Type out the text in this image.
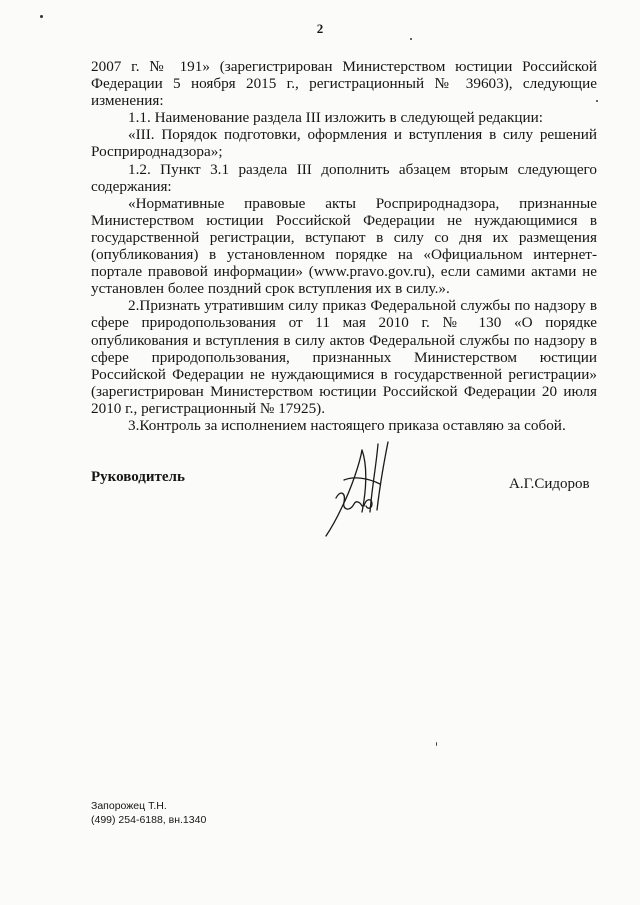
2

2007 г. № 191» (зарегистрирован Министерством юстиции Российской Федерации 5 ноября 2015 г., регистрационный № 39603), следующие изменения:

1.1. Наименование раздела III изложить в следующей редакции:

«III. Порядок подготовки, оформления и вступления в силу решений Росприроднадзора»;

1.2. Пункт 3.1 раздела III дополнить абзацем вторым следующего содержания:

«Нормативные правовые акты Росприроднадзора, признанные Министерством юстиции Российской Федерации не нуждающимися в государственной регистрации, вступают в силу со дня их размещения (опубликования) в установленном порядке на «Официальном интернет-портале правовой информации» (www.pravo.gov.ru), если самими актами не установлен более поздний срок вступления их в силу.».

2.Признать утратившим силу приказ Федеральной службы по надзору в сфере природопользования от 11 мая 2010 г. № 130 «О порядке опубликования и вступления в силу актов Федеральной службы по надзору в сфере природопользования, признанных Министерством юстиции Российской Федерации не нуждающимися в государственной регистрации» (зарегистрирован Министерством юстиции Российской Федерации 20 июля 2010 г., регистрационный № 17925).

3.Контроль за исполнением настоящего приказа оставляю за собой.

Руководитель	А.Г.Сидоров
Запорожец Т.Н.
(499) 254-6188, вн.1340
